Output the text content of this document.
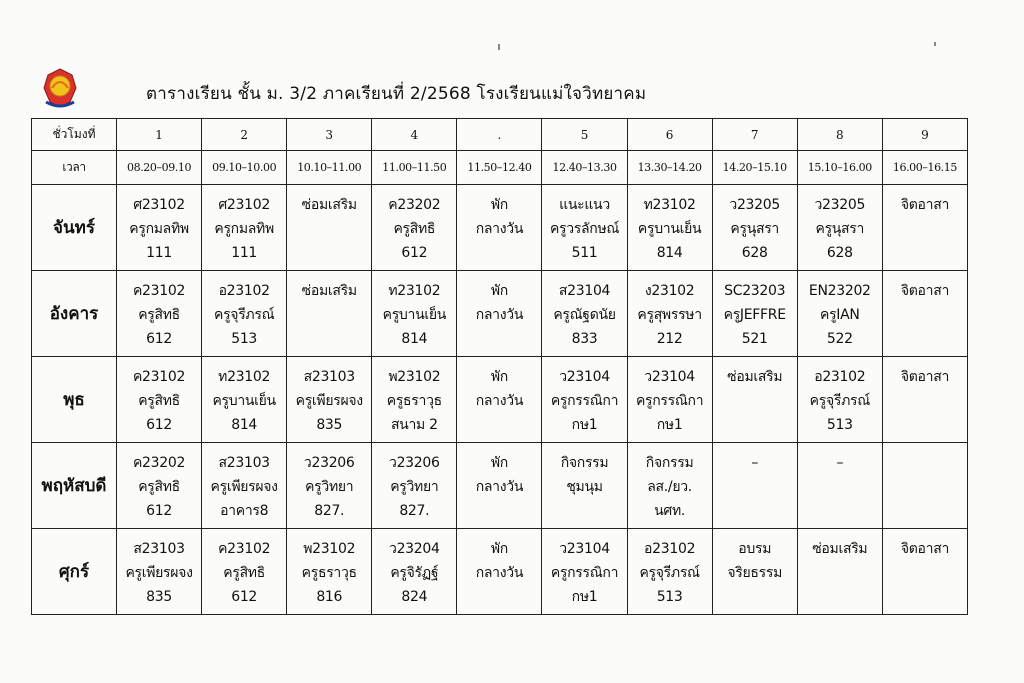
ตารางเรียน ชั้น ม. 3/2 ภาคเรียนที่ 2/2568 โรงเรียนแม่ใจวิทยาคม
ชั่วโมงที่	1	2	3	4	.	5	6	7	8	9
เวลา	08.20–09.10	09.10–10.00	10.10–11.00	11.00–11.50	11.50–12.40	12.40–13.30	13.30–14.20	14.20–15.10	15.10–16.00	16.00–16.15
จันทร์	ศ23102
ครูกมลทิพ
111	ศ23102
ครูกมลทิพ
111	ซ่อมเสริม	ค23202
ครูสิทธิ
612	พัก
กลางวัน	แนะแนว
ครูวรลักษณ์
511	ท23102
ครูบานเย็น
814	ว23205
ครูนุสรา
628	ว23205
ครูนุสรา
628	จิตอาสา

อังคาร	ค23102
ครูสิทธิ
612	อ23102
ครูจุรีภรณ์
513	ซ่อมเสริม	ท23102
ครูบานเย็น
814	พัก
กลางวัน	ส23104
ครูณัฐดนัย
833	ง23102
ครูสุพรรษา
212	SC23203
ครูJEFFRE
521	EN23202
ครูIAN
522	จิตอาสา

พุธ	ค23102
ครูสิทธิ
612	ท23102
ครูบานเย็น
814	ส23103
ครูเพียรผจง
835	พ23102
ครูธราวุธ
สนาม 2	พัก
กลางวัน	ว23104
ครูกรรณิกา
กษ1	ว23104
ครูกรรณิกา
กษ1	ซ่อมเสริม	อ23102
ครูจุรีภรณ์
513	จิตอาสา

พฤหัสบดี	ค23202
ครูสิทธิ
612	ส23103
ครูเพียรผจง
อาคาร8	ว23206
ครูวิทยา
827.	ว23206
ครูวิทยา
827.	พัก
กลางวัน	กิจกรรม
ชุมนุม	กิจกรรม
ลส./ยว.
นศท.	–	–	

ศุกร์	ส23103
ครูเพียรผจง
835	ค23102
ครูสิทธิ
612	พ23102
ครูธราวุธ
816	ว23204
ครูจิรัฏฐ์
824	พัก
กลางวัน	ว23104
ครูกรรณิกา
กษ1	อ23102
ครูจุรีภรณ์
513	อบรม
จริยธรรม	ซ่อมเสริม	จิตอาสา
